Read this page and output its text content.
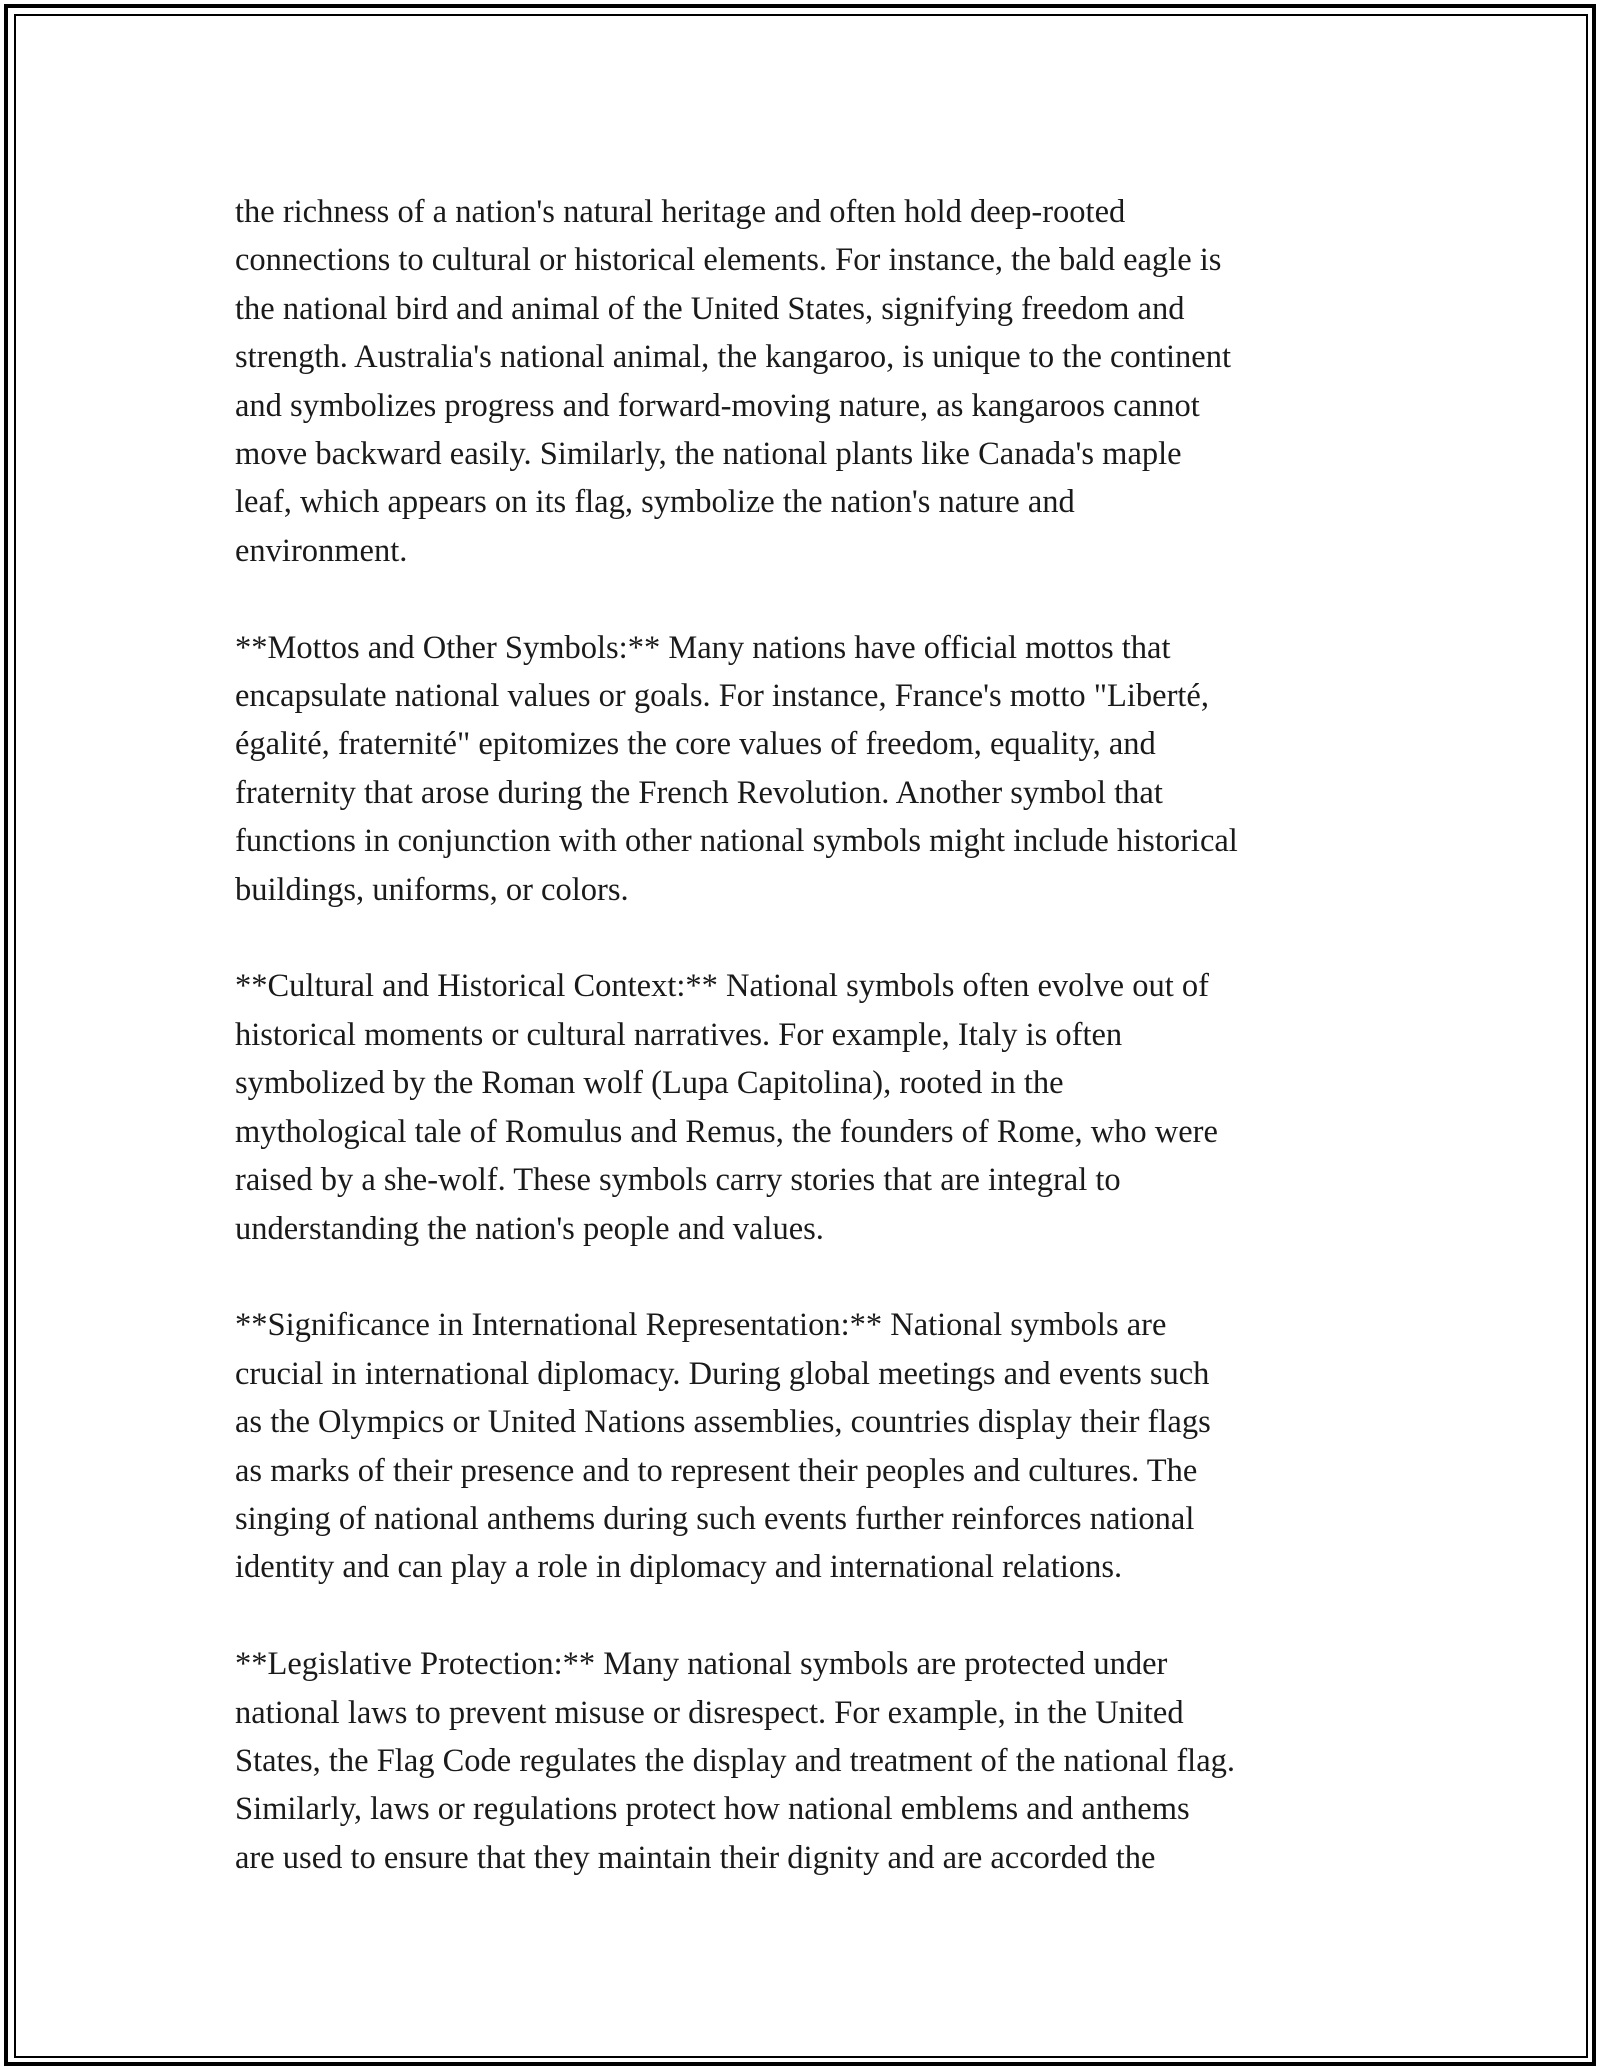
the richness of a nation's natural heritage and often hold deep-rooted
connections to cultural or historical elements. For instance, the bald eagle is
the national bird and animal of the United States, signifying freedom and
strength. Australia's national animal, the kangaroo, is unique to the continent
and symbolizes progress and forward-moving nature, as kangaroos cannot
move backward easily. Similarly, the national plants like Canada's maple
leaf, which appears on its flag, symbolize the nation's nature and
environment.

**Mottos and Other Symbols:** Many nations have official mottos that
encapsulate national values or goals. For instance, France's motto "Liberté,
égalité, fraternité" epitomizes the core values of freedom, equality, and
fraternity that arose during the French Revolution. Another symbol that
functions in conjunction with other national symbols might include historical
buildings, uniforms, or colors.

**Cultural and Historical Context:** National symbols often evolve out of
historical moments or cultural narratives. For example, Italy is often
symbolized by the Roman wolf (Lupa Capitolina), rooted in the
mythological tale of Romulus and Remus, the founders of Rome, who were
raised by a she-wolf. These symbols carry stories that are integral to
understanding the nation's people and values.

**Significance in International Representation:** National symbols are
crucial in international diplomacy. During global meetings and events such
as the Olympics or United Nations assemblies, countries display their flags
as marks of their presence and to represent their peoples and cultures. The
singing of national anthems during such events further reinforces national
identity and can play a role in diplomacy and international relations.

**Legislative Protection:** Many national symbols are protected under
national laws to prevent misuse or disrespect. For example, in the United
States, the Flag Code regulates the display and treatment of the national flag.
Similarly, laws or regulations protect how national emblems and anthems
are used to ensure that they maintain their dignity and are accorded the
